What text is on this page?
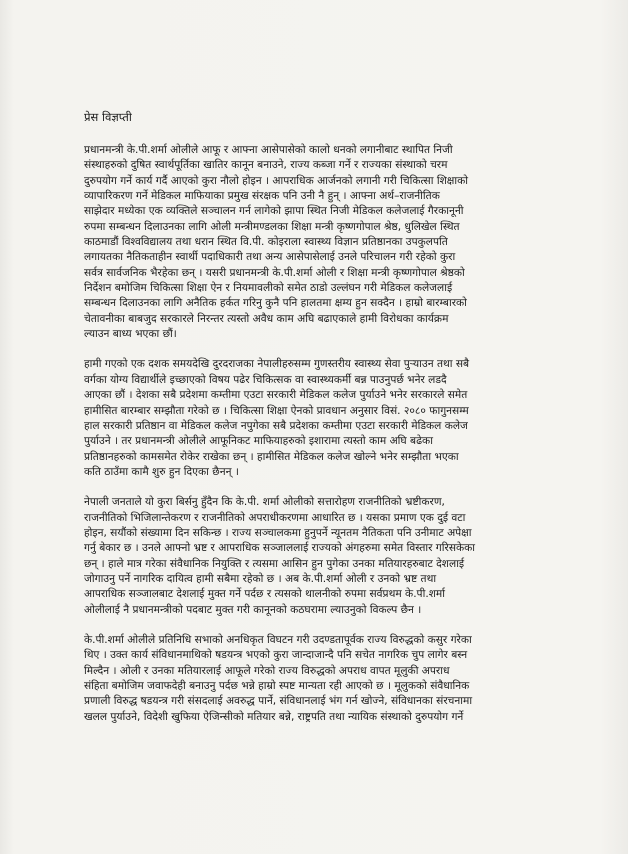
प्रेस विज्ञप्ती

प्रधानमन्त्री के.पी.शर्मा ओलीले आफू र आफ्ना आसेपासेको कालो धनको लगानीबाट स्थापित निजी
संस्थाहरुको दुषित स्वार्थपूर्तिका खातिर कानून बनाउने, राज्य कब्जा गर्ने र राज्यका संस्थाको चरम
दुरुपयोग गर्ने कार्य गर्दै आएको कुरा नौलो होइन । आपराधिक आर्जनको लगानी गरी चिकित्सा शिक्षाको
व्यापारिकरण गर्ने मेडिकल माफियाका प्रमुख संरक्षक पनि उनी नै हुन् । आफ्ना अर्थ–राजनीतिक
साझेदार मध्येका एक व्यक्तिले सञ्चालन गर्न लागेको झापा स्थित निजी मेडिकल कलेजलाई गैरकानूनी
रुपमा सम्बन्धन दिलाउनका लागि ओली मन्त्रीमण्डलका शिक्षा मन्त्री कृष्णगोपाल श्रेष्ठ, धुलिखेल स्थित
काठमाडौं विश्वविद्यालय तथा धरान स्थित वि.पी. कोइराला स्वास्थ्य विज्ञान प्रतिष्ठानका उपकुलपति
लगायतका नैतिकताहीन स्वार्थी पदाधिकारी तथा अन्य आसेपासेलाई उनले परिचालन गरी रहेको कुरा
सर्वत्र सार्वजनिक भैरहेका छन् । यसरी प्रधानमन्त्री के.पी.शर्मा ओली र शिक्षा मन्त्री कृष्णगोपाल श्रेष्ठको
निर्देशन बमोजिम चिकित्सा शिक्षा ऐन र नियमावलीको समेत ठाडो उल्लंघन गरी मेडिकल कलेजलाई
सम्बन्धन दिलाउनका लागि अनैतिक हर्कत गरिनु कुनै पनि हालतमा क्षम्य हुन सक्दैन । हाम्रो बारम्बारको
चेतावनीका बाबजुद सरकारले निरन्तर त्यस्तो अवैध काम अघि बढाएकाले हामी विरोधका कार्यक्रम
ल्याउन बाध्य भएका छौं।

हामी गएको एक दशक समयदेखि दुरदराजका नेपालीहरुसम्म गुणस्तरीय स्वास्थ्य सेवा पुऱ्याउन तथा सबै
वर्गका योग्य विद्यार्थीले इच्छाएको विषय पढेर चिकित्सक वा स्वास्थ्यकर्मी बन्न पाउनुपर्छ भनेर लडदै
आएका छौं । देशका सबै प्रदेशमा कम्तीमा एउटा सरकारी मेडिकल कलेज पुर्याउने भनेर सरकारले समेत
हामीसित बारम्बार सम्झौता गरेको छ । चिकित्सा शिक्षा ऐनको प्रावधान अनुसार विसं. २०८० फागुनसम्म
हाल सरकारी प्रतिष्ठान वा मेडिकल कलेज नपुगेका सबै प्रदेशका कम्तीमा एउटा सरकारी मेडिकल कलेज
पुर्याउने । तर प्रधानमन्त्री ओलीले आफूनिकट माफियाहरुको इशारामा त्यस्तो काम अघि बढेका
प्रतिष्ठानहरुको कामसमेत रोकेर राखेका छन् । हामीसित मेडिकल कलेज खोल्ने भनेर सम्झौता भएका
कति ठाउँमा कामै शुरु हुन दिएका छैनन् ।

नेपाली जनताले यो कुरा बिर्सनु हुँदैन कि के.पी. शर्मा ओलीको सत्तारोहण राजनीतिको भ्रष्टीकरण,
राजनीतिको भिजिलान्तेकरण र राजनीतिको अपराधीकरणमा आधारित छ । यसका प्रमाण एक दुई वटा
होइन, सयौंको संख्यामा दिन सकिन्छ । राज्य सञ्चालकमा हुनुपर्ने न्यूनतम नैतिकता पनि उनीमाट अपेक्षा
गर्नु बेकार छ । उनले आफ्नो भ्रष्ट र आपराधिक सञ्जाललाई राज्यको अंगहरुमा समेत विस्तार गरिसकेका
छन् । हाले मात्र गरेका संवैधानिक नियुक्ति र त्यसमा आसिन हुन पुगेका उनका मतियारहरुबाट देशलाई
जोगाउनु पर्ने नागरिक दायित्व हामी सबैमा रहेको छ । अब के.पी.शर्मा ओली र उनको भ्रष्ट तथा
आपराधिक सञ्जालबाट देशलाई मुक्त गर्ने पर्दछ र त्यसको थालनीको रुपमा सर्वप्रथम के.पी.शर्मा
ओलीलाई नै प्रधानमन्त्रीको पदबाट मुक्त गरी कानूनको कठघरामा ल्याउनुको विकल्प छैन ।

के.पी.शर्मा ओलीले प्रतिनिधि सभाको अनधिकृत विघटन गरी उदण्डतापूर्वक राज्य विरुद्धको कसुर गरेका
थिए । उक्त कार्य संविधानमाथिको षडयन्त्र भएको कुरा जान्दाजान्दै पनि सचेत नागरिक चुप लागेर बस्न
मिल्दैन । ओली र उनका मतियारलाई आफूले गरेको राज्य विरुद्धको अपराध वापत मूलुकी अपराध
संहिता बमोजिम जवाफदेही बनाउनु पर्दछ भन्ने हाम्रो स्पष्ट मान्यता रही आएको छ । मूलुकको संवैधानिक
प्रणाली विरुद्ध षडयन्त्र गरी संसदलाई अवरुद्ध पार्ने, संविधानलाई भंग गर्न खोज्ने, संविधानका संरचनामा
खलल पुर्याउने, विदेशी खुफिया ऐजिन्सीको मतियार बन्ने, राष्ट्रपति तथा न्यायिक संस्थाको दुरुपयोग गर्ने
